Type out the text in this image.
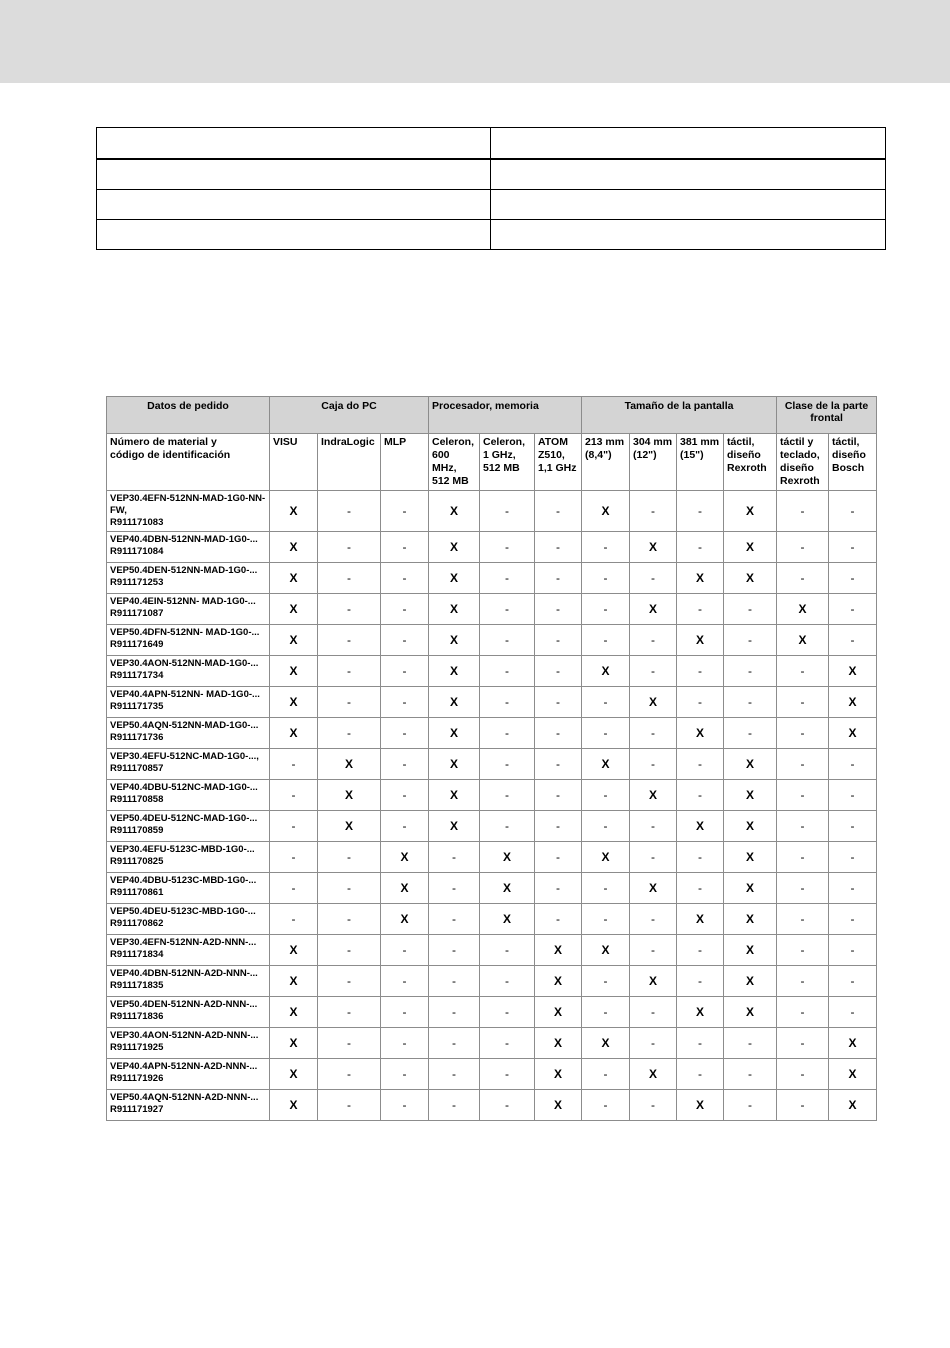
Datos de pedido	Caja do PC			Procesador, memoria			Tamaño de la pantalla				Clase de la parte frontal	
Número de material y
código de identificación	VISU	IndraLogic	MLP	Celeron,
600 MHz,
512 MB	Celeron,
1 GHz,
512 MB	ATOM
Z510,
1,1 GHz	213 mm
(8,4")	304 mm
(12")	381 mm
(15")	táctil,
diseño
Rexroth	táctil y
teclado,
diseño
Rexroth	táctil,
diseño
Bosch
VEP30.4EFN-512NN-MAD-1G0-NN-
FW,
R911171083	X	-	-	X	-	-	X	-	-	X	-	-
VEP40.4DBN-512NN-MAD-1G0-...
R911171084	X	-	-	X	-	-	-	X	-	X	-	-
VEP50.4DEN-512NN-MAD-1G0-...
R911171253	X	-	-	X	-	-	-	-	X	X	-	-
VEP40.4EIN-512NN- MAD-1G0-...
R911171087	X	-	-	X	-	-	-	X	-	-	X	-
VEP50.4DFN-512NN- MAD-1G0-...
R911171649	X	-	-	X	-	-	-	-	X	-	X	-
VEP30.4AON-512NN-MAD-1G0-...
R911171734	X	-	-	X	-	-	X	-	-	-	-	X
VEP40.4APN-512NN- MAD-1G0-...
R911171735	X	-	-	X	-	-	-	X	-	-	-	X
VEP50.4AQN-512NN-MAD-1G0-...
R911171736	X	-	-	X	-	-	-	-	X	-	-	X
VEP30.4EFU-512NC-MAD-1G0-...,
R911170857	-	X	-	X	-	-	X	-	-	X	-	-
VEP40.4DBU-512NC-MAD-1G0-...
R911170858	-	X	-	X	-	-	-	X	-	X	-	-
VEP50.4DEU-512NC-MAD-1G0-...
R911170859	-	X	-	X	-	-	-	-	X	X	-	-
VEP30.4EFU-5123C-MBD-1G0-...
R911170825	-	-	X	-	X	-	X	-	-	X	-	-
VEP40.4DBU-5123C-MBD-1G0-...
R911170861	-	-	X	-	X	-	-	X	-	X	-	-
VEP50.4DEU-5123C-MBD-1G0-...
R911170862	-	-	X	-	X	-	-	-	X	X	-	-
VEP30.4EFN-512NN-A2D-NNN-...
R911171834	X	-	-	-	-	X	X	-	-	X	-	-
VEP40.4DBN-512NN-A2D-NNN-...
R911171835	X	-	-	-	-	X	-	X	-	X	-	-
VEP50.4DEN-512NN-A2D-NNN-...
R911171836	X	-	-	-	-	X	-	-	X	X	-	-
VEP30.4AON-512NN-A2D-NNN-...
R911171925	X	-	-	-	-	X	X	-	-	-	-	X
VEP40.4APN-512NN-A2D-NNN-...
R911171926	X	-	-	-	-	X	-	X	-	-	-	X
VEP50.4AQN-512NN-A2D-NNN-...
R911171927	X	-	-	-	-	X	-	-	X	-	-	X
